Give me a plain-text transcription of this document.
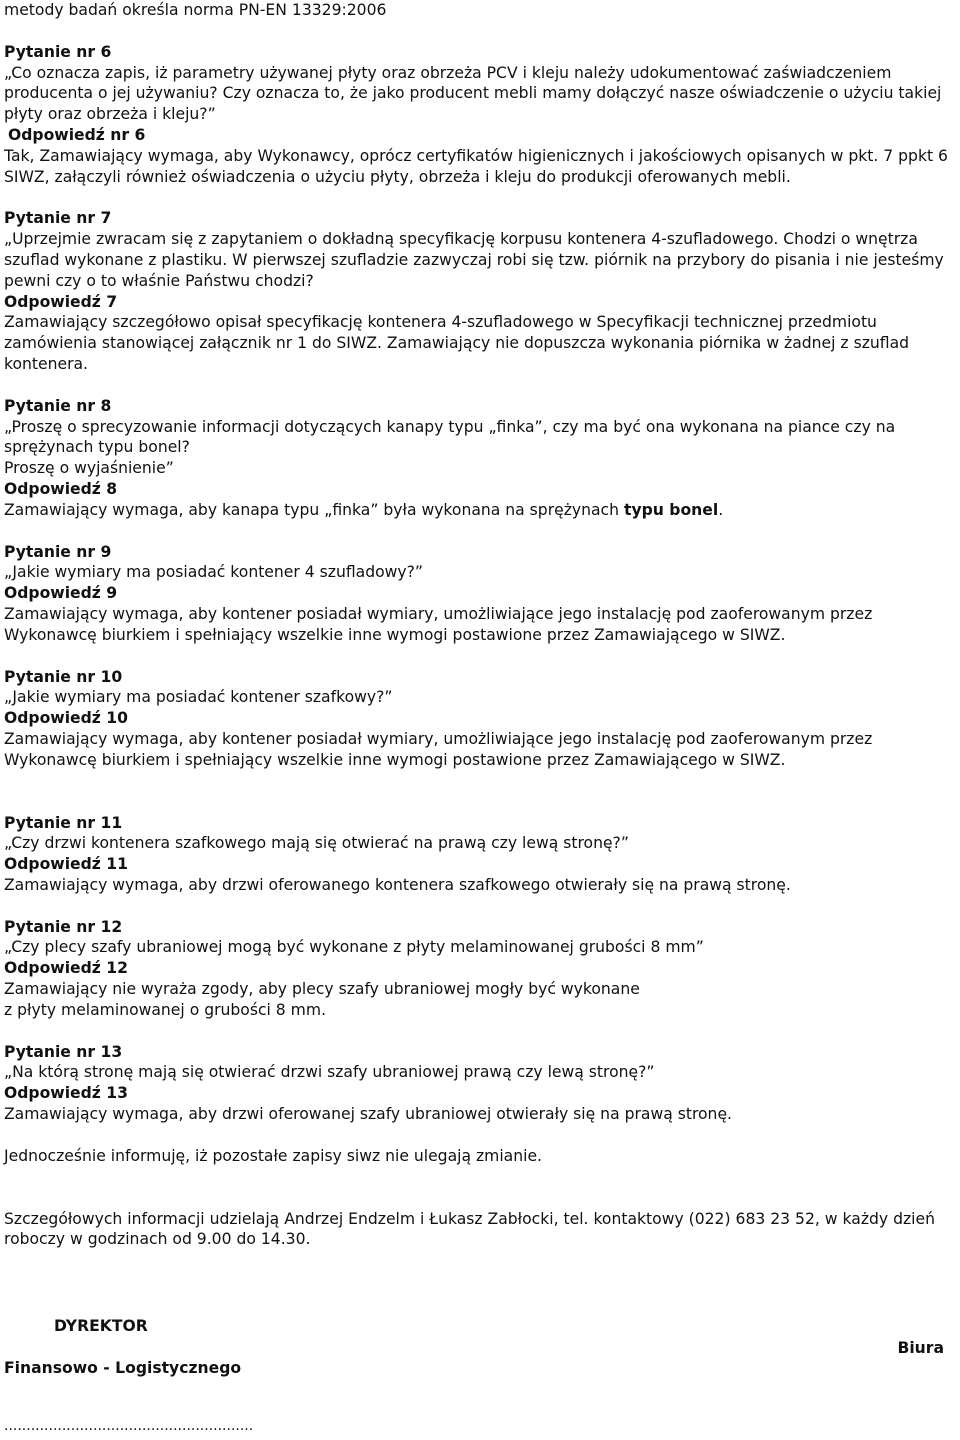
metody badań określa norma PN-EN 13329:2006
Pytanie nr 6
„Co oznacza zapis, iż parametry używanej płyty oraz obrzeża PCV i kleju należy udokumentować zaświadczeniem
producenta o jej używaniu? Czy oznacza to, że jako producent mebli mamy dołączyć nasze oświadczenie o użyciu takiej
płyty oraz obrzeża i kleju?”
Odpowiedź nr 6
Tak, Zamawiający wymaga, aby Wykonawcy, oprócz certyfikatów higienicznych i jakościowych opisanych w pkt. 7 ppkt 6
SIWZ, załączyli również oświadczenia o użyciu płyty, obrzeża i kleju do produkcji oferowanych mebli.
Pytanie nr 7
„Uprzejmie zwracam się z zapytaniem o dokładną specyfikację korpusu kontenera 4-szufladowego. Chodzi o wnętrza
szuflad wykonane z plastiku. W pierwszej szufladzie zazwyczaj robi się tzw. piórnik na przybory do pisania i nie jesteśmy
pewni czy o to właśnie Państwu chodzi?
Odpowiedź 7
Zamawiający szczegółowo opisał specyfikację kontenera 4-szufladowego w Specyfikacji technicznej przedmiotu
zamówienia stanowiącej załącznik nr 1 do SIWZ. Zamawiający nie dopuszcza wykonania piórnika w żadnej z szuflad
kontenera.
Pytanie nr 8
„Proszę o sprecyzowanie informacji dotyczących kanapy typu „finka”, czy ma być ona wykonana na piance czy na
sprężynach typu bonel?
Proszę o wyjaśnienie”
Odpowiedź 8
Zamawiający wymaga, aby kanapa typu „finka” była wykonana na sprężynach typu bonel.
Pytanie nr 9
„Jakie wymiary ma posiadać kontener 4 szufladowy?”
Odpowiedź 9
Zamawiający wymaga, aby kontener posiadał wymiary, umożliwiające jego instalację pod zaoferowanym przez
Wykonawcę biurkiem i spełniający wszelkie inne wymogi postawione przez Zamawiającego w SIWZ.
Pytanie nr 10
„Jakie wymiary ma posiadać kontener szafkowy?”
Odpowiedź 10
Zamawiający wymaga, aby kontener posiadał wymiary, umożliwiające jego instalację pod zaoferowanym przez
Wykonawcę biurkiem i spełniający wszelkie inne wymogi postawione przez Zamawiającego w SIWZ.
Pytanie nr 11
„Czy drzwi kontenera szafkowego mają się otwierać na prawą czy lewą stronę?”
Odpowiedź 11
Zamawiający wymaga, aby drzwi oferowanego kontenera szafkowego otwierały się na prawą stronę.
Pytanie nr 12
„Czy plecy szafy ubraniowej mogą być wykonane z płyty melaminowanej grubości 8 mm”
Odpowiedź 12
Zamawiający nie wyraża zgody, aby plecy szafy ubraniowej mogły być wykonane
z płyty melaminowanej o grubości 8 mm.
Pytanie nr 13
„Na którą stronę mają się otwierać drzwi szafy ubraniowej prawą czy lewą stronę?”
Odpowiedź 13
Zamawiający wymaga, aby drzwi oferowanej szafy ubraniowej otwierały się na prawą stronę.
Jednocześnie informuję, iż pozostałe zapisy siwz nie ulegają zmianie.
Szczegółowych informacji udzielają Andrzej Endzelm i Łukasz Zabłocki, tel. kontaktowy (022) 683 23 52, w każdy dzień
roboczy w godzinach od 9.00 do 14.30.
DYREKTOR
Biura
Finansowo - Logistycznego
........................................................
